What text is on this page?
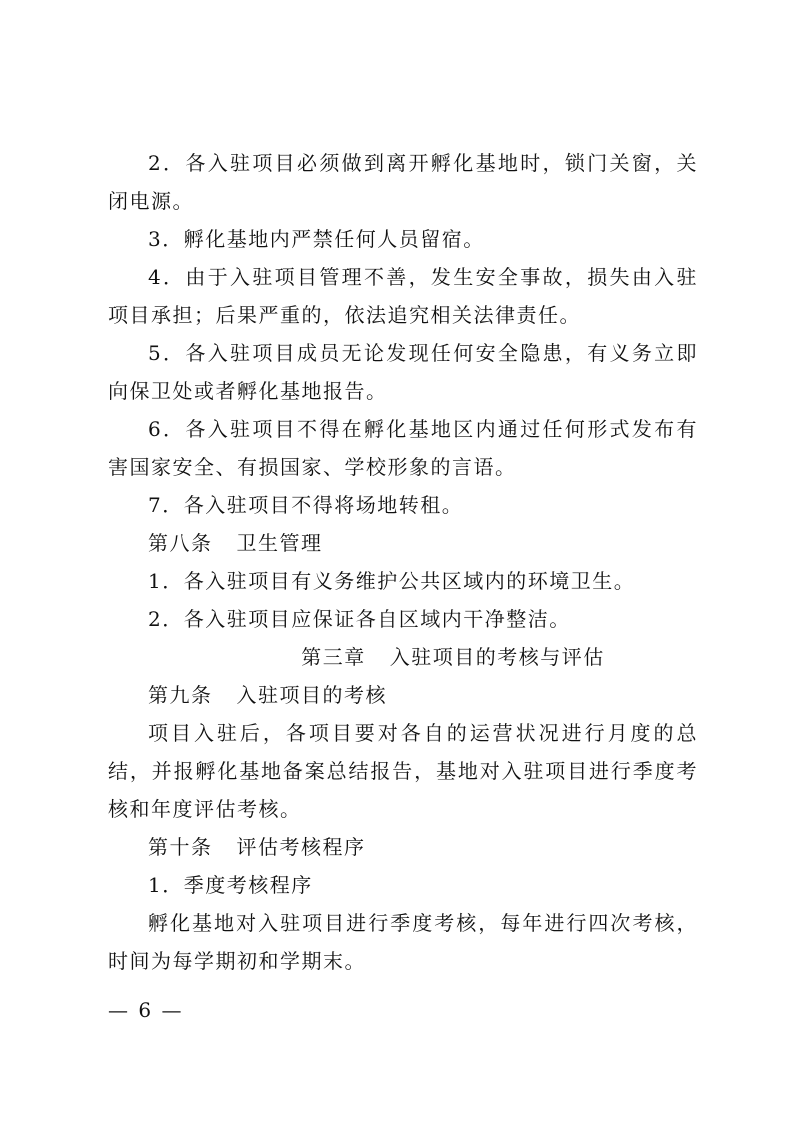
2．各入驻项目必须做到离开孵化基地时，锁门关窗，关闭电源。

3．孵化基地内严禁任何人员留宿。

4．由于入驻项目管理不善，发生安全事故，损失由入驻项目承担；后果严重的，依法追究相关法律责任。

5．各入驻项目成员无论发现任何安全隐患，有义务立即向保卫处或者孵化基地报告。

6．各入驻项目不得在孵化基地区内通过任何形式发布有害国家安全、有损国家、学校形象的言语。

7．各入驻项目不得将场地转租。

第八条 卫生管理

1．各入驻项目有义务维护公共区域内的环境卫生。

2．各入驻项目应保证各自区域内干净整洁。

第三章 入驻项目的考核与评估

第九条 入驻项目的考核

项目入驻后，各项目要对各自的运营状况进行月度的总结，并报孵化基地备案总结报告，基地对入驻项目进行季度考核和年度评估考核。

第十条 评估考核程序

1．季度考核程序

孵化基地对入驻项目进行季度考核，每年进行四次考核，时间为每学期初和学期末。

— 6 —
